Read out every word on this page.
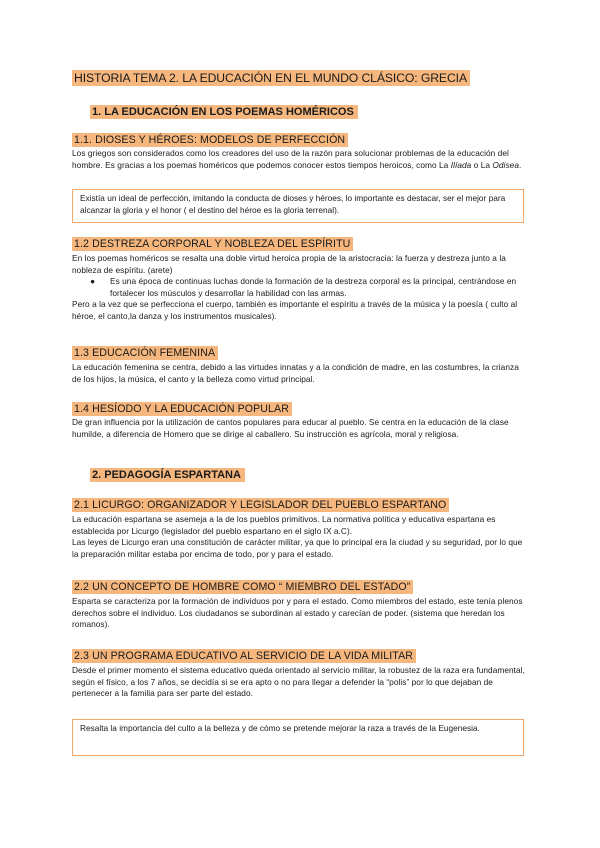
HISTORIA TEMA 2. LA EDUCACIÓN EN EL MUNDO CLÁSICO: GRECIA
1. LA EDUCACIÓN EN LOS POEMAS HOMÉRICOS
1.1. DIOSES Y HÉROES: MODELOS DE PERFECCIÓN
Los griegos son considerados como los creadores del uso de la razón para solucionar problemas de la educación del hombre. Es gracias a los poemas homéricos que podemos conocer estos tiempos heroicos, como La Ilíada o La Odisea.
Existía un ideal de perfección, imitando la conducta de dioses y héroes, lo importante es destacar, ser el mejor para alcanzar la gloria y el honor ( el destino del héroe es la gloria terrenal).
1.2 DESTREZA CORPORAL Y NOBLEZA DEL ESPÍRITU
En los poemas homéricos se resalta una doble virtud heroica propia de la aristocracia: la fuerza y destreza junto a la nobleza de espíritu. (arete)
● Es una época de continuas luchas donde la formación de la destreza corporal es la principal, centrándose en fortalecer los músculos y desarrollar la habilidad con las armas.
Pero a la vez que se perfecciona el cuerpo, también es importante el espíritu a través de la música y la poesía ( culto al héroe, el canto,la danza y los instrumentos musicales).
1.3 EDUCACIÓN FEMENINA
La educación femenina se centra, debido a las virtudes innatas y a la condición de madre, en las costumbres, la crianza de los hijos, la música, el canto y la belleza como virtud principal.
1.4 HESÍODO Y LA EDUCACIÓN POPULAR
De gran influencia por la utilización de cantos populares para educar al pueblo. Se centra en la educación de la clase humilde, a diferencia de Homero que se dirige al caballero. Su instrucción es agrícola, moral y religiosa.
2. PEDAGOGÍA ESPARTANA
2.1 LICURGO: ORGANIZADOR Y LEGISLADOR DEL PUEBLO ESPARTANO
La educación espartana se asemeja a la de los pueblos primitivos. La normativa política y educativa espartana es establecida por Licurgo (legislador del pueblo espartano en el siglo IX a.C).
Las leyes de Licurgo eran una constitución de carácter militar, ya que lo principal era la ciudad y su seguridad, por lo que la preparación militar estaba por encima de todo, por y para el estado.
2.2 UN CONCEPTO DE HOMBRE COMO “ MIEMBRO DEL ESTADO”
Esparta se caracteriza por la formación de individuos por y para el estado. Como miembros del estado, este tenía plenos derechos sobre el individuo. Los ciudadanos se subordinan al estado y carecían de poder. (sistema que heredan los romanos).
2.3 UN PROGRAMA EDUCATIVO AL SERVICIO DE LA VIDA MILITAR
Desde el primer momento el sistema educativo queda orientado al servicio militar, la robustez de la raza era fundamental, según el físico, a los 7 años, se decidía si se era apto o no para llegar a defender la “polis” por lo que dejaban de pertenecer a la familia para ser parte del estado.
Resalta la importancia del culto a la belleza y de cómo se pretende mejorar la raza a través de la Eugenesia.
